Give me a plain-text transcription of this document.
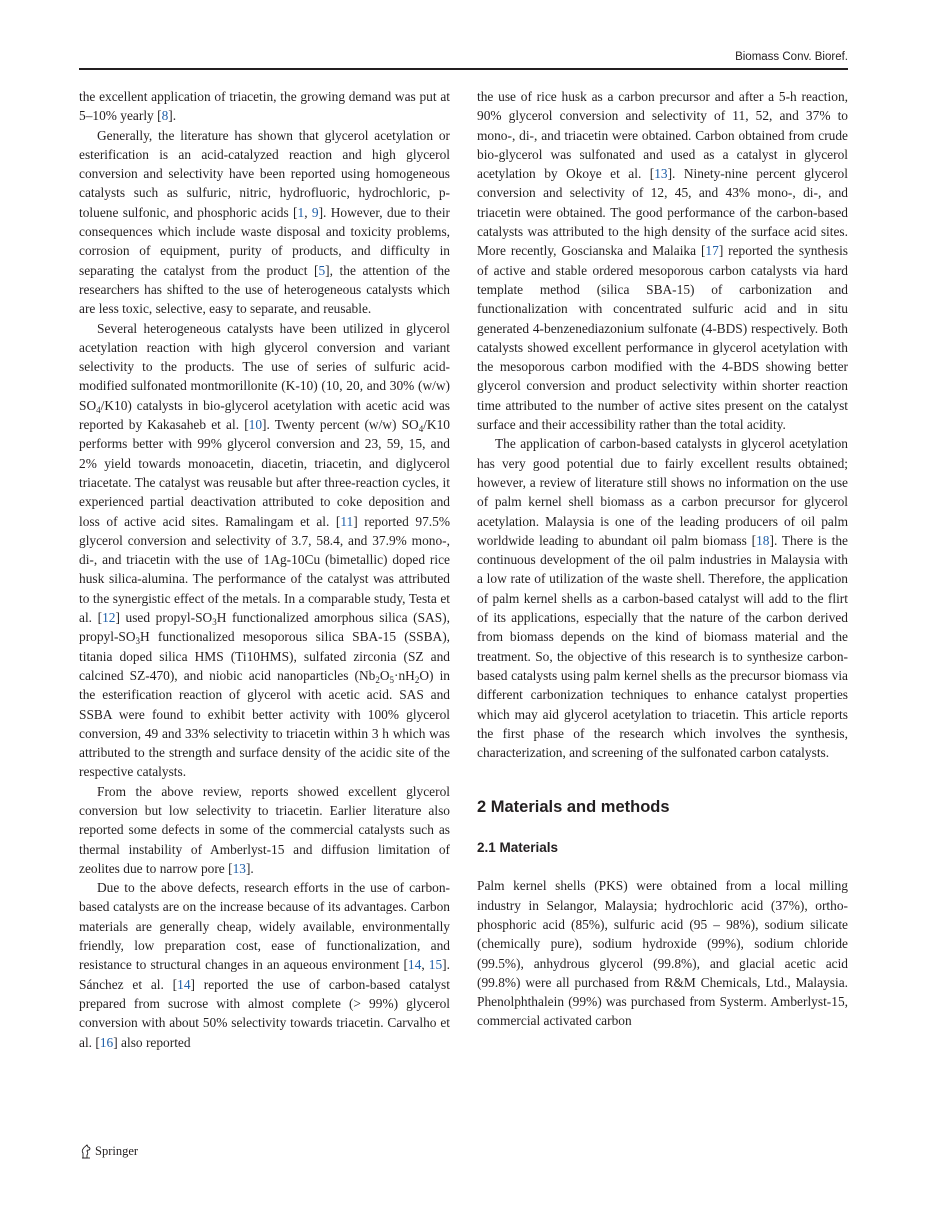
Biomass Conv. Bioref.

the excellent application of triacetin, the growing demand was put at 5–10% yearly [8].

Generally, the literature has shown that glycerol acetylation or esterification is an acid-catalyzed reaction and high glycerol conversion and selectivity have been reported using homogeneous catalysts such as sulfuric, nitric, hydrofluoric, hydrochloric, p-toluene sulfonic, and phosphoric acids [1, 9]. However, due to their consequences which include waste disposal and toxicity problems, corrosion of equipment, purity of products, and difficulty in separating the catalyst from the product [5], the attention of the researchers has shifted to the use of heterogeneous catalysts which are less toxic, selective, easy to separate, and reusable.

Several heterogeneous catalysts have been utilized in glycerol acetylation reaction with high glycerol conversion and variant selectivity to the products. The use of series of sulfuric acid-modified sulfonated montmorillonite (K-10) (10, 20, and 30% (w/w) $SO_4/K10$) catalysts in bio-glycerol acetylation with acetic acid was reported by Kakasaheb et al. [10]. Twenty percent (w/w) $SO_4/K10$ performs better with 99% glycerol conversion and 23, 59, 15, and 2% yield towards monoacetin, diacetin, triacetin, and diglycerol triacetate. The catalyst was reusable but after three-reaction cycles, it experienced partial deactivation attributed to coke deposition and loss of active acid sites. Ramalingam et al. [11] reported 97.5% glycerol conversion and selectivity of 3.7, 58.4, and 37.9% mono-, di-, and triacetin with the use of 1Ag-10Cu (bimetallic) doped rice husk silica-alumina. The performance of the catalyst was attributed to the synergistic effect of the metals. In a comparable study, Testa et al. [12] used propyl-$SO_3H$ functionalized amorphous silica (SAS), propyl-$SO_3H$ functionalized mesoporous silica SBA-15 (SSBA), titania doped silica HMS (Ti10HMS), sulfated zirconia (SZ and calcined SZ-470), and niobic acid nanoparticles $(Nb_2O_5\cdot nH_2O)$ in the esterification reaction of glycerol with acetic acid. SAS and SSBA were found to exhibit better activity with 100% glycerol conversion, 49 and 33% selectivity to triacetin within 3 h which was attributed to the strength and surface density of the acidic site of the respective catalysts.

From the above review, reports showed excellent glycerol conversion but low selectivity to triacetin. Earlier literature also reported some defects in some of the commercial catalysts such as thermal instability of Amberlyst-15 and diffusion limitation of zeolites due to narrow pore [13].

Due to the above defects, research efforts in the use of carbon-based catalysts are on the increase because of its advantages. Carbon materials are generally cheap, widely available, environmentally friendly, low preparation cost, ease of functionalization, and resistance to structural changes in an aqueous environment [14, 15]. Sánchez et al. [14] reported the use of carbon-based catalyst prepared from sucrose with almost complete (> 99%) glycerol conversion with about 50% selectivity towards triacetin. Carvalho et al. [16] also reported

the use of rice husk as a carbon precursor and after a 5-h reaction, 90% glycerol conversion and selectivity of 11, 52, and 37% to mono-, di-, and triacetin were obtained. Carbon obtained from crude bio-glycerol was sulfonated and used as a catalyst in glycerol acetylation by Okoye et al. [13]. Ninety-nine percent glycerol conversion and selectivity of 12, 45, and 43% mono-, di-, and triacetin were obtained. The good performance of the carbon-based catalysts was attributed to the high density of the surface acid sites. More recently, Goscianska and Malaika [17] reported the synthesis of active and stable ordered mesoporous carbon catalysts via hard template method (silica SBA-15) of carbonization and functionalization with concentrated sulfuric acid and in situ generated 4-benzenediazonium sulfonate (4-BDS) respectively. Both catalysts showed excellent performance in glycerol acetylation with the mesoporous carbon modified with the 4-BDS showing better glycerol conversion and product selectivity within shorter reaction time attributed to the number of active sites present on the catalyst surface and their accessibility rather than the total acidity.

The application of carbon-based catalysts in glycerol acetylation has very good potential due to fairly excellent results obtained; however, a review of literature still shows no information on the use of palm kernel shell biomass as a carbon precursor for glycerol acetylation. Malaysia is one of the leading producers of oil palm worldwide leading to abundant oil palm biomass [18]. There is the continuous development of the oil palm industries in Malaysia with a low rate of utilization of the waste shell. Therefore, the application of palm kernel shells as a carbon-based catalyst will add to the flirt of its applications, especially that the nature of the carbon derived from biomass depends on the kind of biomass material and the treatment. So, the objective of this research is to synthesize carbon-based catalysts using palm kernel shells as the precursor biomass via different carbonization techniques to enhance catalyst properties which may aid glycerol acetylation to triacetin. This article reports the first phase of the research which involves the synthesis, characterization, and screening of the sulfonated carbon catalysts.

2 Materials and methods
2.1 Materials

Palm kernel shells (PKS) were obtained from a local milling industry in Selangor, Malaysia; hydrochloric acid (37%), ortho-phosphoric acid (85%), sulfuric acid (95 – 98%), sodium silicate (chemically pure), sodium hydroxide (99%), sodium chloride (99.5%), anhydrous glycerol (99.8%), and glacial acetic acid (99.8%) were all purchased from R&M Chemicals, Ltd., Malaysia. Phenolphthalein (99%) was purchased from Systerm. Amberlyst-15, commercial activated carbon

Springer
